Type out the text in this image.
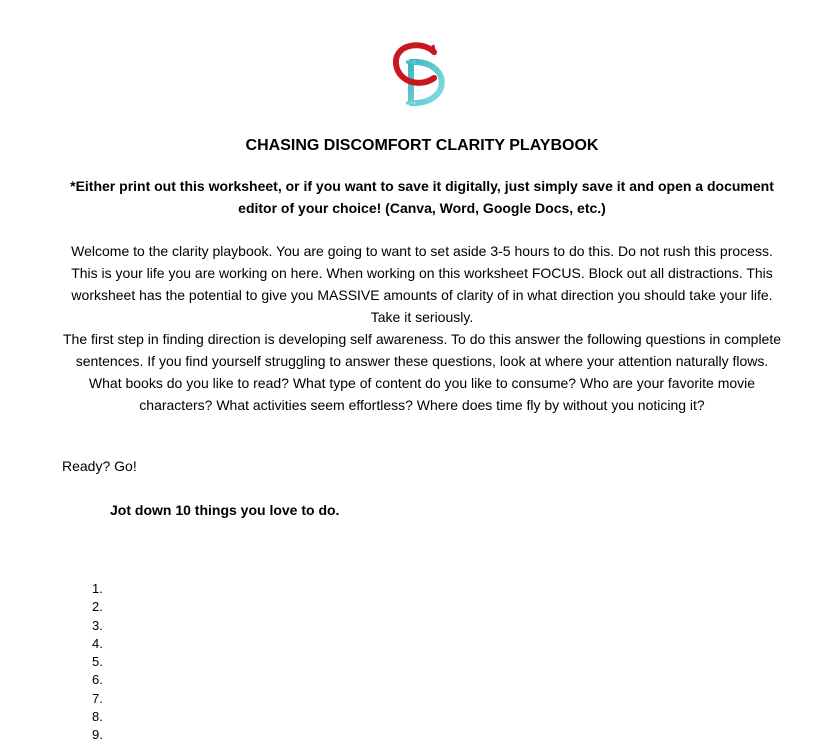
CHASING DISCOMFORT CLARITY PLAYBOOK
*Either print out this worksheet, or if you want to save it digitally, just simply save it and open a document editor of your choice! (Canva, Word, Google Docs, etc.)
Welcome to the clarity playbook. You are going to want to set aside 3-5 hours to do this. Do not rush this process. This is your life you are working on here. When working on this worksheet FOCUS. Block out all distractions. This worksheet has the potential to give you MASSIVE amounts of clarity of in what direction you should take your life. Take it seriously.
The first step in finding direction is developing self awareness. To do this answer the following questions in complete sentences. If you find yourself struggling to answer these questions, look at where your attention naturally flows. What books do you like to read? What type of content do you like to consume? Who are your favorite movie characters? What activities seem effortless? Where does time fly by without you noticing it?
Ready? Go!
Jot down 10 things you love to do.
1.
2.
3.
4.
5.
6.
7.
8.
9.
